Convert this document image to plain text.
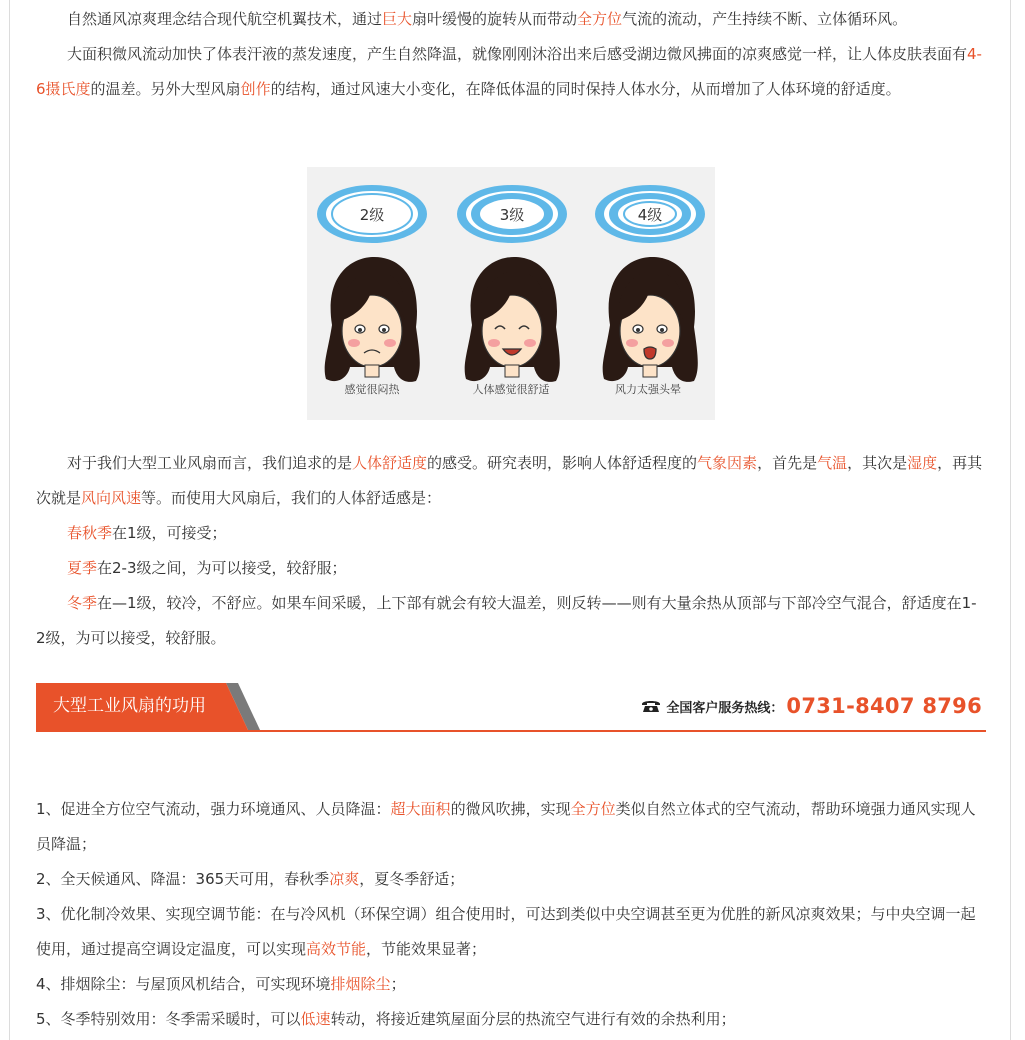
自然通风凉爽理念结合现代航空机翼技术，通过巨大扇叶缓慢的旋转从而带动全方位气流的流动，产生持续不断、立体循环风。

大面积微风流动加快了体表汗液的蒸发速度，产生自然降温，就像刚刚沐浴出来后感受湖边微风拂面的凉爽感觉一样，让人体皮肤表面有4-6摄氏度的温差。另外大型风扇创作的结构，通过风速大小变化，在降低体温的同时保持人体水分，从而增加了人体环境的舒适度。

2级	3级	4级
感觉很闷热	人体感觉很舒适	风力太强头晕

对于我们大型工业风扇而言，我们追求的是人体舒适度的感受。研究表明，影响人体舒适程度的气象因素，首先是气温，其次是湿度，再其次就是风向风速等。而使用大风扇后，我们的人体舒适感是：

春秋季在1级，可接受；

夏季在2-3级之间，为可以接受，较舒服；

冬季在—1级，较冷，不舒应。如果车间采暖，上下部有就会有较大温差，则反转——则有大量余热从顶部与下部冷空气混合，舒适度在1-2级，为可以接受，较舒服。

大型工业风扇的功用	全国客户服务热线： 0731-8407 8796

1、促进全方位空气流动，强力环境通风、人员降温：超大面积的微风吹拂，实现全方位类似自然立体式的空气流动，帮助环境强力通风实现人员降温；

2、全天候通风、降温：365天可用，春秋季凉爽，夏冬季舒适；

3、优化制冷效果、实现空调节能：在与冷风机（环保空调）组合使用时，可达到类似中央空调甚至更为优胜的新风凉爽效果；与中央空调一起使用，通过提高空调设定温度，可以实现高效节能，节能效果显著；

4、排烟除尘：与屋顶风机结合，可实现环境排烟除尘；

5、冬季特别效用：冬季需采暖时，可以低速转动，将接近建筑屋面分层的热流空气进行有效的余热利用；
